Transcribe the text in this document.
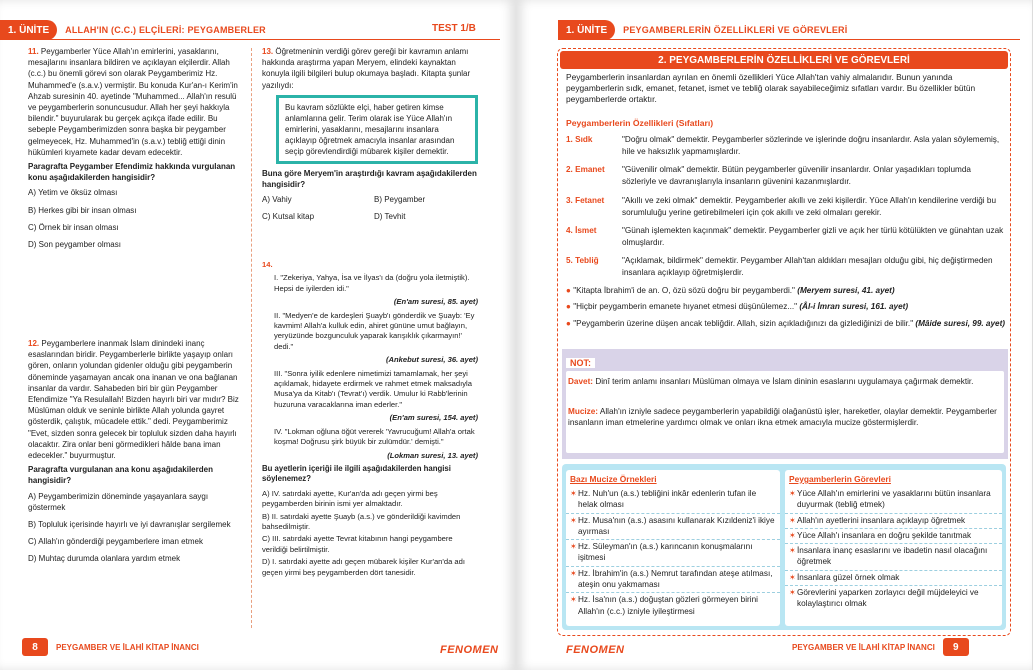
1. ÜNİTE	ALLAH'IN (C.C.) ELÇİLERİ: PEYGAMBERLER	TEST 1/B

11. Peygamberler Yüce Allah'ın emirlerini, yasaklarını, mesajlarını insanlara bildiren ve açıklayan elçilerdir. Allah (c.c.) bu önemli görevi son olarak Peygamberimiz Hz. Muhammed'e (s.a.v.) vermiştir. Bu konuda Kur'an-ı Kerim'in Ahzab suresinin 40. ayetinde "Muhammed... Allah'ın resulü ve peygamberlerin sonuncusudur. Allah her şeyi hakkıyla bilendir." buyurularak bu gerçek açıkça ifade edilir. Bu sebeple Peygamberimizden sonra başka bir peygamber gelmeyecek, Hz. Muhammed'in (s.a.v.) tebliğ ettiği dinin hükümleri kıyamete kadar devam edecektir.

Paragrafta Peygamber Efendimiz hakkında vurgulanan konu aşağıdakilerden hangisidir?

A) Yetim ve öksüz olması
B) Herkes gibi bir insan olması
C) Örnek bir insan olması
D) Son peygamber olması

12. Peygamberlere inanmak İslam dinindeki inanç esaslarından biridir. Peygamberlerle birlikte yaşayıp onları gören, onların yolundan gidenler olduğu gibi peygamberin döneminde yaşamayan ancak ona inanan ve ona bağlanan insanlar da vardır. Sahabeden biri bir gün Peygamber Efendimize "Ya Resulallah! Bizden hayırlı biri var mıdır? Biz Müslüman olduk ve seninle birlikte Allah yolunda gayret gösterdik, çalıştık, mücadele ettik." dedi. Peygamberimiz "Evet, sizden sonra gelecek bir topluluk sizden daha hayırlı olacaktır. Zira onlar beni görmedikleri hâlde bana iman edecekler." buyurmuştur.

Paragrafta vurgulanan ana konu aşağıdakilerden hangisidir?

A) Peygamberimizin döneminde yaşayanlara saygı göstermek
B) Topluluk içerisinde hayırlı ve iyi davranışlar sergilemek
C) Allah'ın gönderdiği peygamberlere iman etmek
D) Muhtaç durumda olanlara yardım etmek

13. Öğretmeninin verdiği görev gereği bir kavramın anlamı hakkında araştırma yapan Meryem, elindeki kaynaktan konuyla ilgili bilgileri bulup okumaya başladı. Kitapta şunlar yazılıydı:

Bu kavram sözlükte elçi, haber getiren kimse anlamlarına gelir. Terim olarak ise Yüce Allah'ın emirlerini, yasaklarını, mesajlarını insanlara açıklayıp öğretmek amacıyla insanlar arasından seçip görevlendirdiği mübarek kişiler demektir.

Buna göre Meryem'in araştırdığı kavram aşağıdakilerden hangisidir?

A) Vahiy	B) Peygamber
C) Kutsal kitap	D) Tevhit

14.

I. "Zekeriya, Yahya, İsa ve İlyas'ı da (doğru yola iletmiştik). Hepsi de iyilerden idi."

(En'am suresi, 85. ayet)

II. "Medyen'e de kardeşleri Şuayb'ı gönderdik ve Şuayb: 'Ey kavmim! Allah'a kulluk edin, ahiret gününe umut bağlayın, yeryüzünde bozgunculuk yaparak karışıklık çıkarmayın!' dedi."

(Ankebut suresi, 36. ayet)

III. "Sonra iyilik edenlere nimetimizi tamamlamak, her şeyi açıklamak, hidayete erdirmek ve rahmet etmek maksadıyla Musa'ya da Kitab'ı (Tevrat'ı) verdik. Umulur ki Rabb'lerinin huzuruna varacaklarına iman ederler."

(En'am suresi, 154. ayet)

IV. "Lokman oğluna öğüt vererek 'Yavrucuğum! Allah'a ortak koşma! Doğrusu şirk büyük bir zulümdür.' demişti."

(Lokman suresi, 13. ayet)

Bu ayetlerin içeriği ile ilgili aşağıdakilerden hangisi söylenemez?

A) IV. satırdaki ayette, Kur'an'da adı geçen yirmi beş peygamberden birinin ismi yer almaktadır.
B) II. satırdaki ayette Şuayb (a.s.) ve gönderildiği kavimden bahsedilmiştir.
C) III. satırdaki ayette Tevrat kitabının hangi peygambere verildiği belirtilmiştir.
D) I. satırdaki ayette adı geçen mübarek kişiler Kur'an'da adı geçen yirmi beş peygamberden dört tanesidir.
8	PEYGAMBER VE İLAHİ KİTAP İNANCI	FENOMEN
1. ÜNİTE	PEYGAMBERLERİN ÖZELLİKLERİ VE GÖREVLERİ
2. PEYGAMBERLERİN ÖZELLİKLERİ VE GÖREVLERİ
Peygamberlerin insanlardan ayrılan en önemli özellikleri Yüce Allah'tan vahiy almalarıdır. Bunun yanında peygamberlerin sıdk, emanet, fetanet, ismet ve tebliğ olarak sayabileceğimiz sıfatları vardır. Bu özellikler bütün peygamberlerde ortaktır.
Peygamberlerin Özellikleri (Sıfatları)
1. Sıdk	"Doğru olmak" demektir. Peygamberler sözlerinde ve işlerinde doğru insanlardır. Asla yalan söylememiş, hile ve haksızlık yapmamışlardır.
2. Emanet	"Güvenilir olmak" demektir. Bütün peygamberler güvenilir insanlardır. Onlar yaşadıkları toplumda sözleriyle ve davranışlarıyla insanların güvenini kazanmışlardır.
3. Fetanet	"Akıllı ve zeki olmak" demektir. Peygamberler akıllı ve zeki kişilerdir. Yüce Allah'ın kendilerine verdiği bu sorumluluğu yerine getirebilmeleri için çok akıllı ve zeki olmaları gerekir.
4. İsmet	"Günah işlemekten kaçınmak" demektir. Peygamberler gizli ve açık her türlü kötülükten ve günahtan uzak olmuşlardır.
5. Tebliğ	"Açıklamak, bildirmek" demektir. Peygamber Allah'tan aldıkları mesajları olduğu gibi, hiç değiştirmeden insanlara açıklayıp öğretmişlerdir.
● "Kitapta İbrahim'i de an. O, özü sözü doğru bir peygamberdi." (Meryem suresi, 41. ayet)
● "Hiçbir peygamberin emanete hıyanet etmesi düşünülemez..." (Âl-i İmran suresi, 161. ayet)
● "Peygamberin üzerine düşen ancak tebliğdir. Allah, sizin açıkladığınızı da gizlediğinizi de bilir." (Mâide suresi, 99. ayet)
NOT:
Davet: Dinî terim anlamı insanları Müslüman olmaya ve İslam dininin esaslarını uygulamaya çağırmak demektir.
Mucize: Allah'ın izniyle sadece peygamberlerin yapabildiği olağanüstü işler, hareketler, olaylar demektir. Peygamberler insanların iman etmelerine yardımcı olmak ve onları ikna etmek amacıyla mucize göstermişlerdir.
Bazı Mucize Örnekleri
✶ Hz. Nuh'un (a.s.) tebliğini inkâr edenlerin tufan ile helak olması
✶ Hz. Musa'nın (a.s.) asasını kullanarak Kızıldeniz'i ikiye ayırması
✶ Hz. Süleyman'ın (a.s.) karıncanın konuşmalarını işitmesi
✶ Hz. İbrahim'in (a.s.) Nemrut tarafından ateşe atılması, ateşin onu yakmaması
✶ Hz. İsa'nın (a.s.) doğuştan gözleri görmeyen birini Allah'ın (c.c.) izniyle iyileştirmesi
Peygamberlerin Görevleri
✶ Yüce Allah'ın emirlerini ve yasaklarını bütün insanlara duyurmak (tebliğ etmek)
✶ Allah'ın ayetlerini insanlara açıklayıp öğretmek
✶ Yüce Allah'ı insanlara en doğru şekilde tanıtmak
✶ İnsanlara inanç esaslarını ve ibadetin nasıl olacağını öğretmek
✶ İnsanlara güzel örnek olmak
✶ Görevlerini yaparken zorlayıcı değil müjdeleyici ve kolaylaştırıcı olmak
FENOMEN	PEYGAMBER VE İLAHİ KİTAP İNANCI	9
